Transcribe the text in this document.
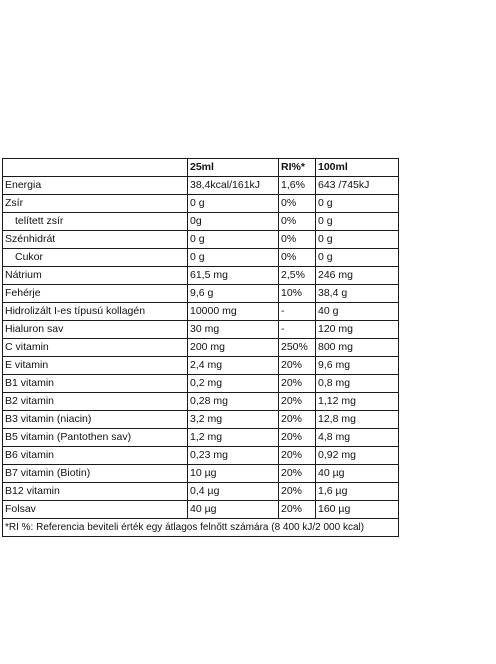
	25ml	RI%*	100ml
Energia	38,4kcal/161kJ	1,6%	643 /745kJ
Zsír	0 g	0%	0 g
telített zsír	0g	0%	0 g
Szénhidrát	0 g	0%	0 g
Cukor	0 g	0%	0 g
Nátrium	61,5 mg	2,5%	246 mg
Fehérje	9,6 g	10%	38,4 g
Hidrolizált I-es típusú kollagén	10000 mg	-	40 g
Hialuron sav	30 mg	-	120 mg
C vitamin	200 mg	250%	800 mg
E vitamin	2,4 mg	20%	9,6 mg
B1 vitamin	0,2 mg	20%	0,8 mg
B2 vitamin	0,28 mg	20%	1,12 mg
B3 vitamin (niacin)	3,2 mg	20%	12,8 mg
B5 vitamin (Pantothen sav)	1,2 mg	20%	4,8 mg
B6 vitamin	0,23 mg	20%	0,92 mg
B7 vitamin (Biotin)	10 µg	20%	40 µg
B12 vitamin	0,4 µg	20%	1,6 µg
Folsav	40 µg	20%	160 µg
*RI %: Referencia beviteli érték egy átlagos felnőtt számára (8 400 kJ/2 000 kcal)			
